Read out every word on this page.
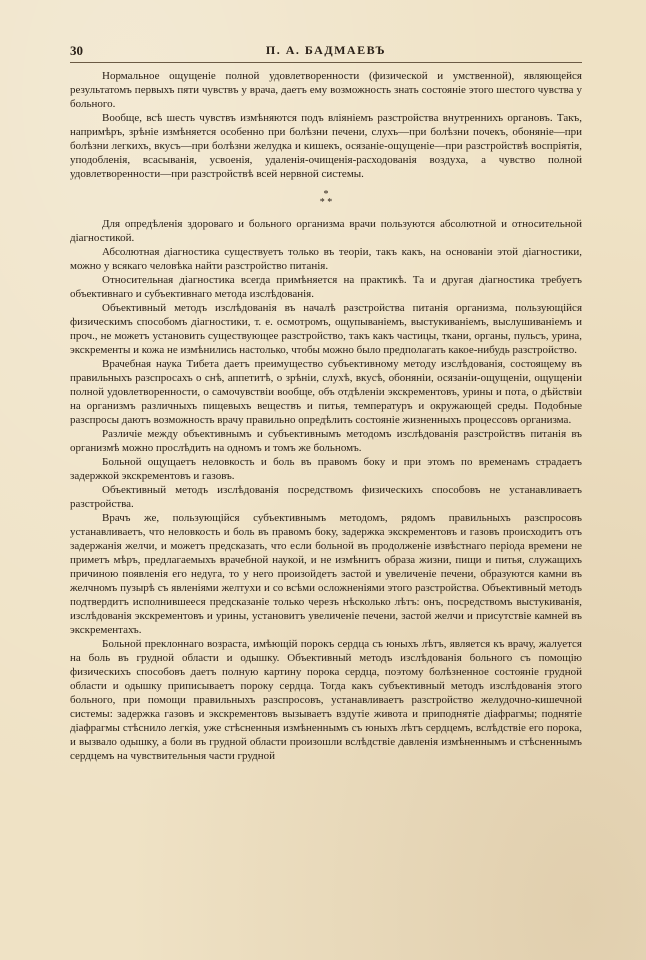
30	П. А. БАДМАЕВЪ

Нормальное ощущеніе полной удовлетворенности (физической и умственной), являющейся результатомъ первыхъ пяти чувствъ у врача, даетъ ему возможность знать состояніе этого шестого чувства у больного.

Вообще, всѣ шесть чувствъ измѣняются подъ вліяніемъ разстройства внутреннихъ органовъ. Такъ, напримѣръ, зрѣніе измѣняется особенно при болѣзни печени, слухъ—при болѣзни почекъ, обоняніе—при болѣзни легкихъ, вкусъ—при болѣзни желудка и кишекъ, осязаніе-ощущеніе—при разстройствѣ воспріятія, уподобленія, всасыванія, усвоенія, удаленія-очищенія-расходованія воздуха, а чувство полной удовлетворенности—при разстройствѣ всей нервной системы.

*
* *

Для опредѣленія здороваго и больного организма врачи пользуются абсолютной и относительной діагностикой.

Абсолютная діагностика существуетъ только въ теоріи, такъ какъ, на основаніи этой діагностики, можно у всякаго человѣка найти разстройство питанія.

Относительная діагностика всегда примѣняется на практикѣ. Та и другая діагностика требуетъ объективнаго и субъективнаго метода изслѣдованія.

Объективный методъ изслѣдованія въ началѣ разстройства питанія организма, пользующійся физическимъ способомъ діагностики, т. е. осмотромъ, ощупываніемъ, выстукиваніемъ, выслушиваніемъ и проч., не можетъ установить существующее разстройство, такъ какъ частицы, ткани, органы, пульсъ, урина, экскременты и кожа не измѣнились настолько, чтобы можно было предполагать какое-нибудь разстройство.

Врачебная наука Тибета даетъ преимущество субъективному методу изслѣдованія, состоящему въ правильныхъ разспросахъ о снѣ, аппетитѣ, о зрѣніи, слухѣ, вкусѣ, обоняніи, осязаніи-ощущеніи, ощущеніи полной удовлетворенности, о самочувствіи вообще, объ отдѣленіи экскрементовъ, урины и пота, о дѣйствіи на организмъ различныхъ пищевыхъ веществъ и питья, температуръ и окружающей среды. Подобные разспросы даютъ возможность врачу правильно опредѣлить состояніе жизненныхъ процессовъ организма.

Различіе между объективнымъ и субъективнымъ методомъ изслѣдованія разстройствъ питанія въ организмѣ можно прослѣдить на одномъ и томъ же больномъ.

Больной ощущаетъ неловкость и боль въ правомъ боку и при этомъ по временамъ страдаетъ задержкой экскрементовъ и газовъ.

Объективный методъ изслѣдованія посредствомъ физическихъ способовъ не устанавливаетъ разстройства.

Врачъ же, пользующійся субъективнымъ методомъ, рядомъ правильныхъ разспросовъ устанавливаетъ, что неловкость и боль въ правомъ боку, задержка экскрементовъ и газовъ происходитъ отъ задержанія желчи, и можетъ предсказать, что если больной въ продолженіе извѣстнаго періода времени не приметъ мѣръ, предлагаемыхъ врачебной наукой, и не измѣнитъ образа жизни, пищи и питья, служащихъ причиною появленія его недуга, то у него произойдетъ застой и увеличеніе печени, образуются камни въ желчномъ пузырѣ съ явленіями желтухи и со всѣми осложненіями этого разстройства. Объективный методъ подтвердитъ исполнившееся предсказаніе только черезъ нѣсколько лѣтъ: онъ, посредствомъ выстукиванія, изслѣдованія экскрементовъ и урины, установитъ увеличеніе печени, застой желчи и присутствіе камней въ экскрементахъ.

Больной преклоннаго возраста, имѣющій порокъ сердца съ юныхъ лѣтъ, является къ врачу, жалуется на боль въ грудной области и одышку. Объективный методъ изслѣдованія больного съ помощію физическихъ способовъ даетъ полную картину порока сердца, поэтому болѣзненное состояніе грудной области и одышку приписываетъ пороку сердца. Тогда какъ субъективный методъ изслѣдованія этого больного, при помощи правильныхъ разспросовъ, устанавливаетъ разстройство желудочно-кишечной системы: задержка газовъ и экскрементовъ вызываетъ вздутіе живота и приподнятіе діафрагмы; поднятіе діафрагмы стѣснило легкія, уже стѣсненныя измѣненнымъ съ юныхъ лѣтъ сердцемъ, вслѣдствіе его порока, и вызвало одышку, а боли въ грудной области произошли вслѣдствіе давленія измѣненнымъ и стѣсненнымъ сердцемъ на чувствительныя части грудной
